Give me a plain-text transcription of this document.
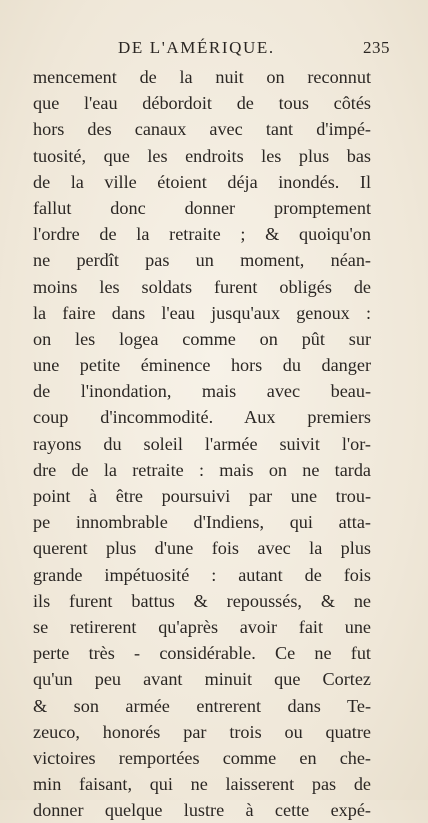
DE L'AMÉRIQUE.	235
mencement de la nuit on reconnut
que l'eau débordoit de tous côtés
hors des canaux avec tant d'impé-
tuosité, que les endroits les plus bas
de la ville étoient déja inondés. Il
fallut donc donner promptement
l'ordre de la retraite ; & quoiqu'on
ne perdît pas un moment, néan-
moins les soldats furent obligés de
la faire dans l'eau jusqu'aux genoux :
on les logea comme on pût sur
une petite éminence hors du danger
de l'inondation, mais avec beau-
coup d'incommodité. Aux premiers
rayons du soleil l'armée suivit l'or-
dre de la retraite : mais on ne tarda
point à être poursuivi par une trou-
pe innombrable d'Indiens, qui atta-
querent plus d'une fois avec la plus
grande impétuosité : autant de fois
ils furent battus & repoussés, & ne
se retirerent qu'après avoir fait une
perte très - considérable. Ce ne fut
qu'un peu avant minuit que Cortez
& son armée entrerent dans Te-
zeuco, honorés par trois ou quatre
victoires remportées comme en che-
min faisant, qui ne laisserent pas de
donner quelque lustre à cette expé-
